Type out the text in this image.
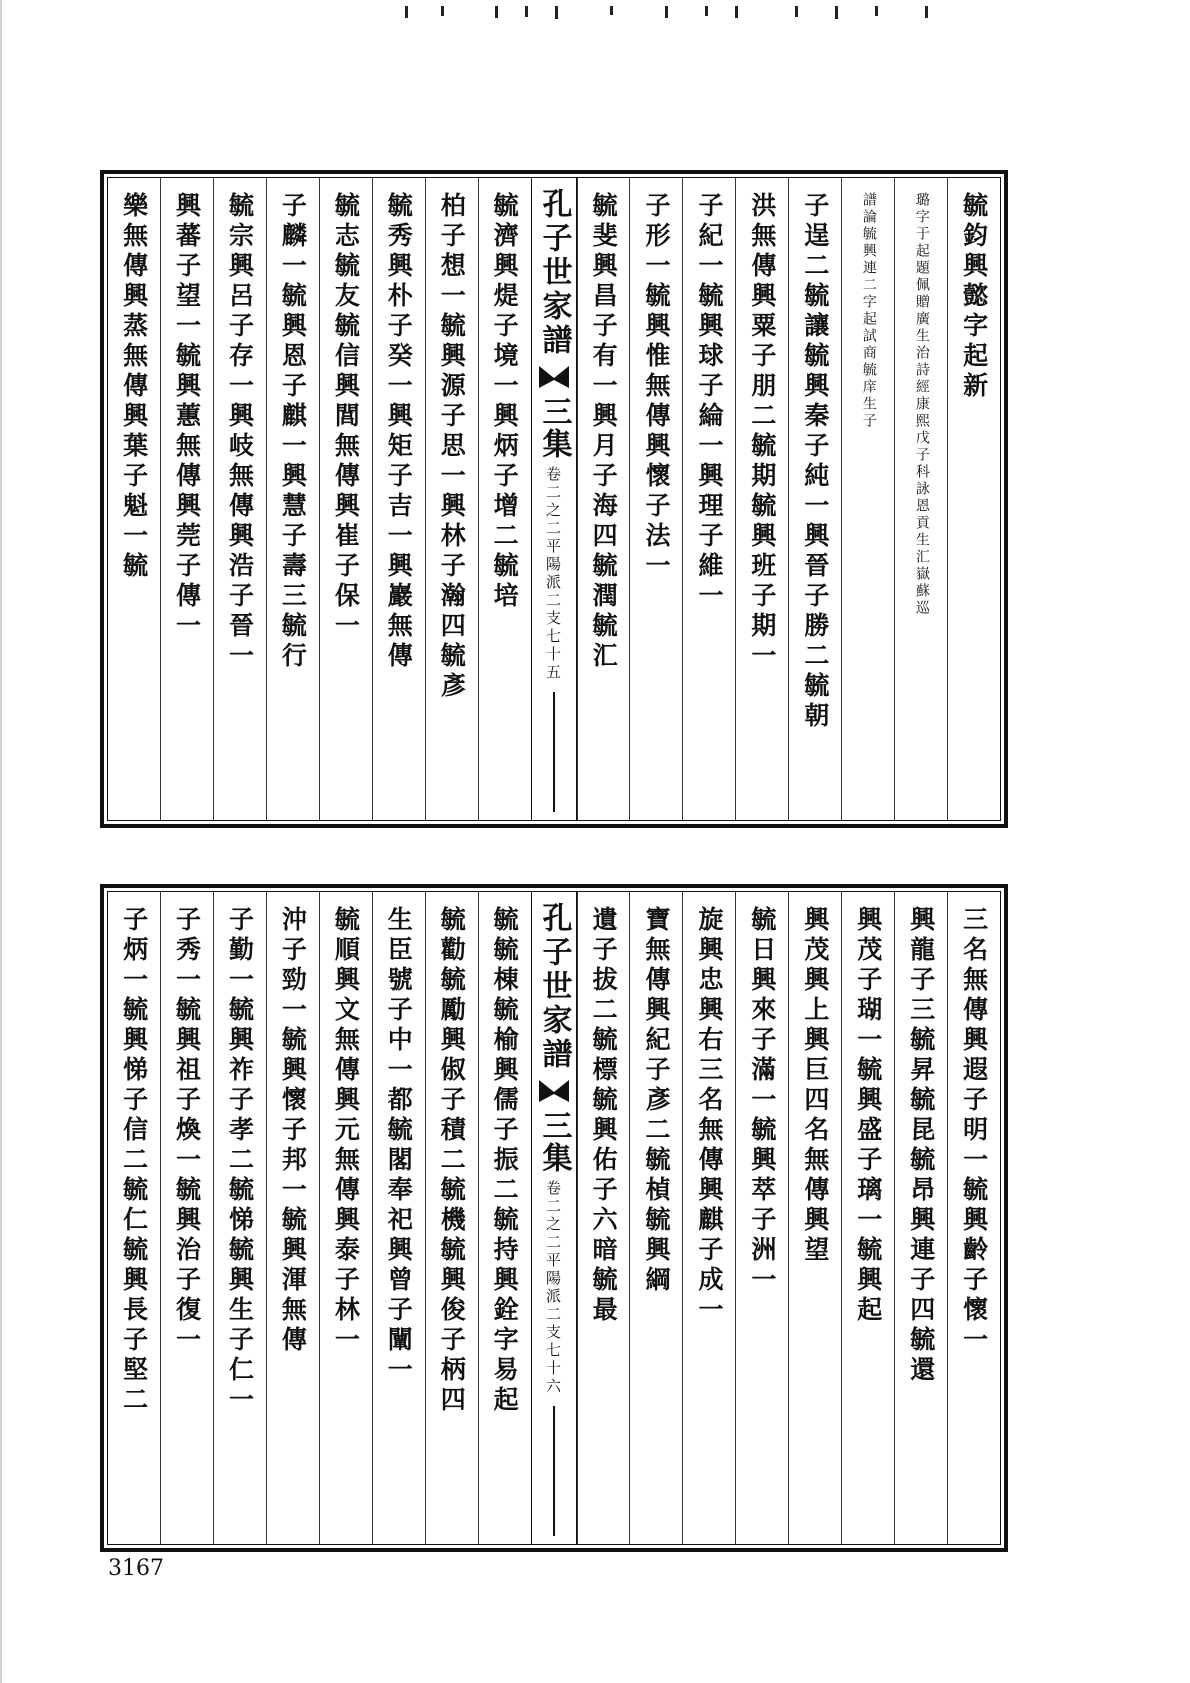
毓鈞興懿字起新
璐字于起題佩贈廣生治詩經康熙戊子科詠恩貢生汇嶽蘇巡
譜論毓興連二字起試商毓庠生子
子逞二毓讓毓興秦子純一興晉子勝二毓朝
洪無傳興粟子朋二毓期毓興班子期一
子紀一毓興球子綸一興理子維一
子形一毓興惟無傳興懷子法一
毓斐興昌子有一興月子海四毓潤毓汇
孔子世家譜
三集
卷二之二平陽派二支七十五
毓濟興煶子境一興炳子增二毓培
柏子想一毓興源子思一興林子瀚四毓彥
毓秀興朴子癸一興矩子吉一興巖無傳
毓志毓友毓信興閭無傳興崔子保一
子麟一毓興恩子麒一興慧子壽三毓行
毓宗興呂子存一興岐無傳興浩子晉一
興蕃子望一毓興蕙無傳興莞子傳一
樂無傳興蒸無傳興葉子魁一毓
三名無傳興遐子明一毓興齡子懷一
興龍子三毓昇毓昆毓昂興連子四毓還
興茂子瑚一毓興盛子璃一毓興起
興茂興上興巨四名無傳興望
毓日興來子滿一毓興萃子洲一
旋興忠興右三名無傳興麒子成一
寶無傳興紀子彥二毓楨毓興綱
遺子拔二毓標毓興佑子六暗毓最
孔子世家譜
三集
卷二之二平陽派二支七十六
毓毓棟毓榆興儒子振二毓持興銓字易起
毓勸毓勵興俶子積二毓機毓興俊子柄四
生臣號子中一都毓閣奉祀興曾子闡一
毓順興文無傳興元無傳興泰子林一
沖子勁一毓興懷子邦一毓興渾無傳
子勤一毓興祚子孝二毓悌毓興生子仁一
子秀一毓興祖子煥一毓興治子復一
子炳一毓興悌子信二毓仁毓興長子堅二
3167
